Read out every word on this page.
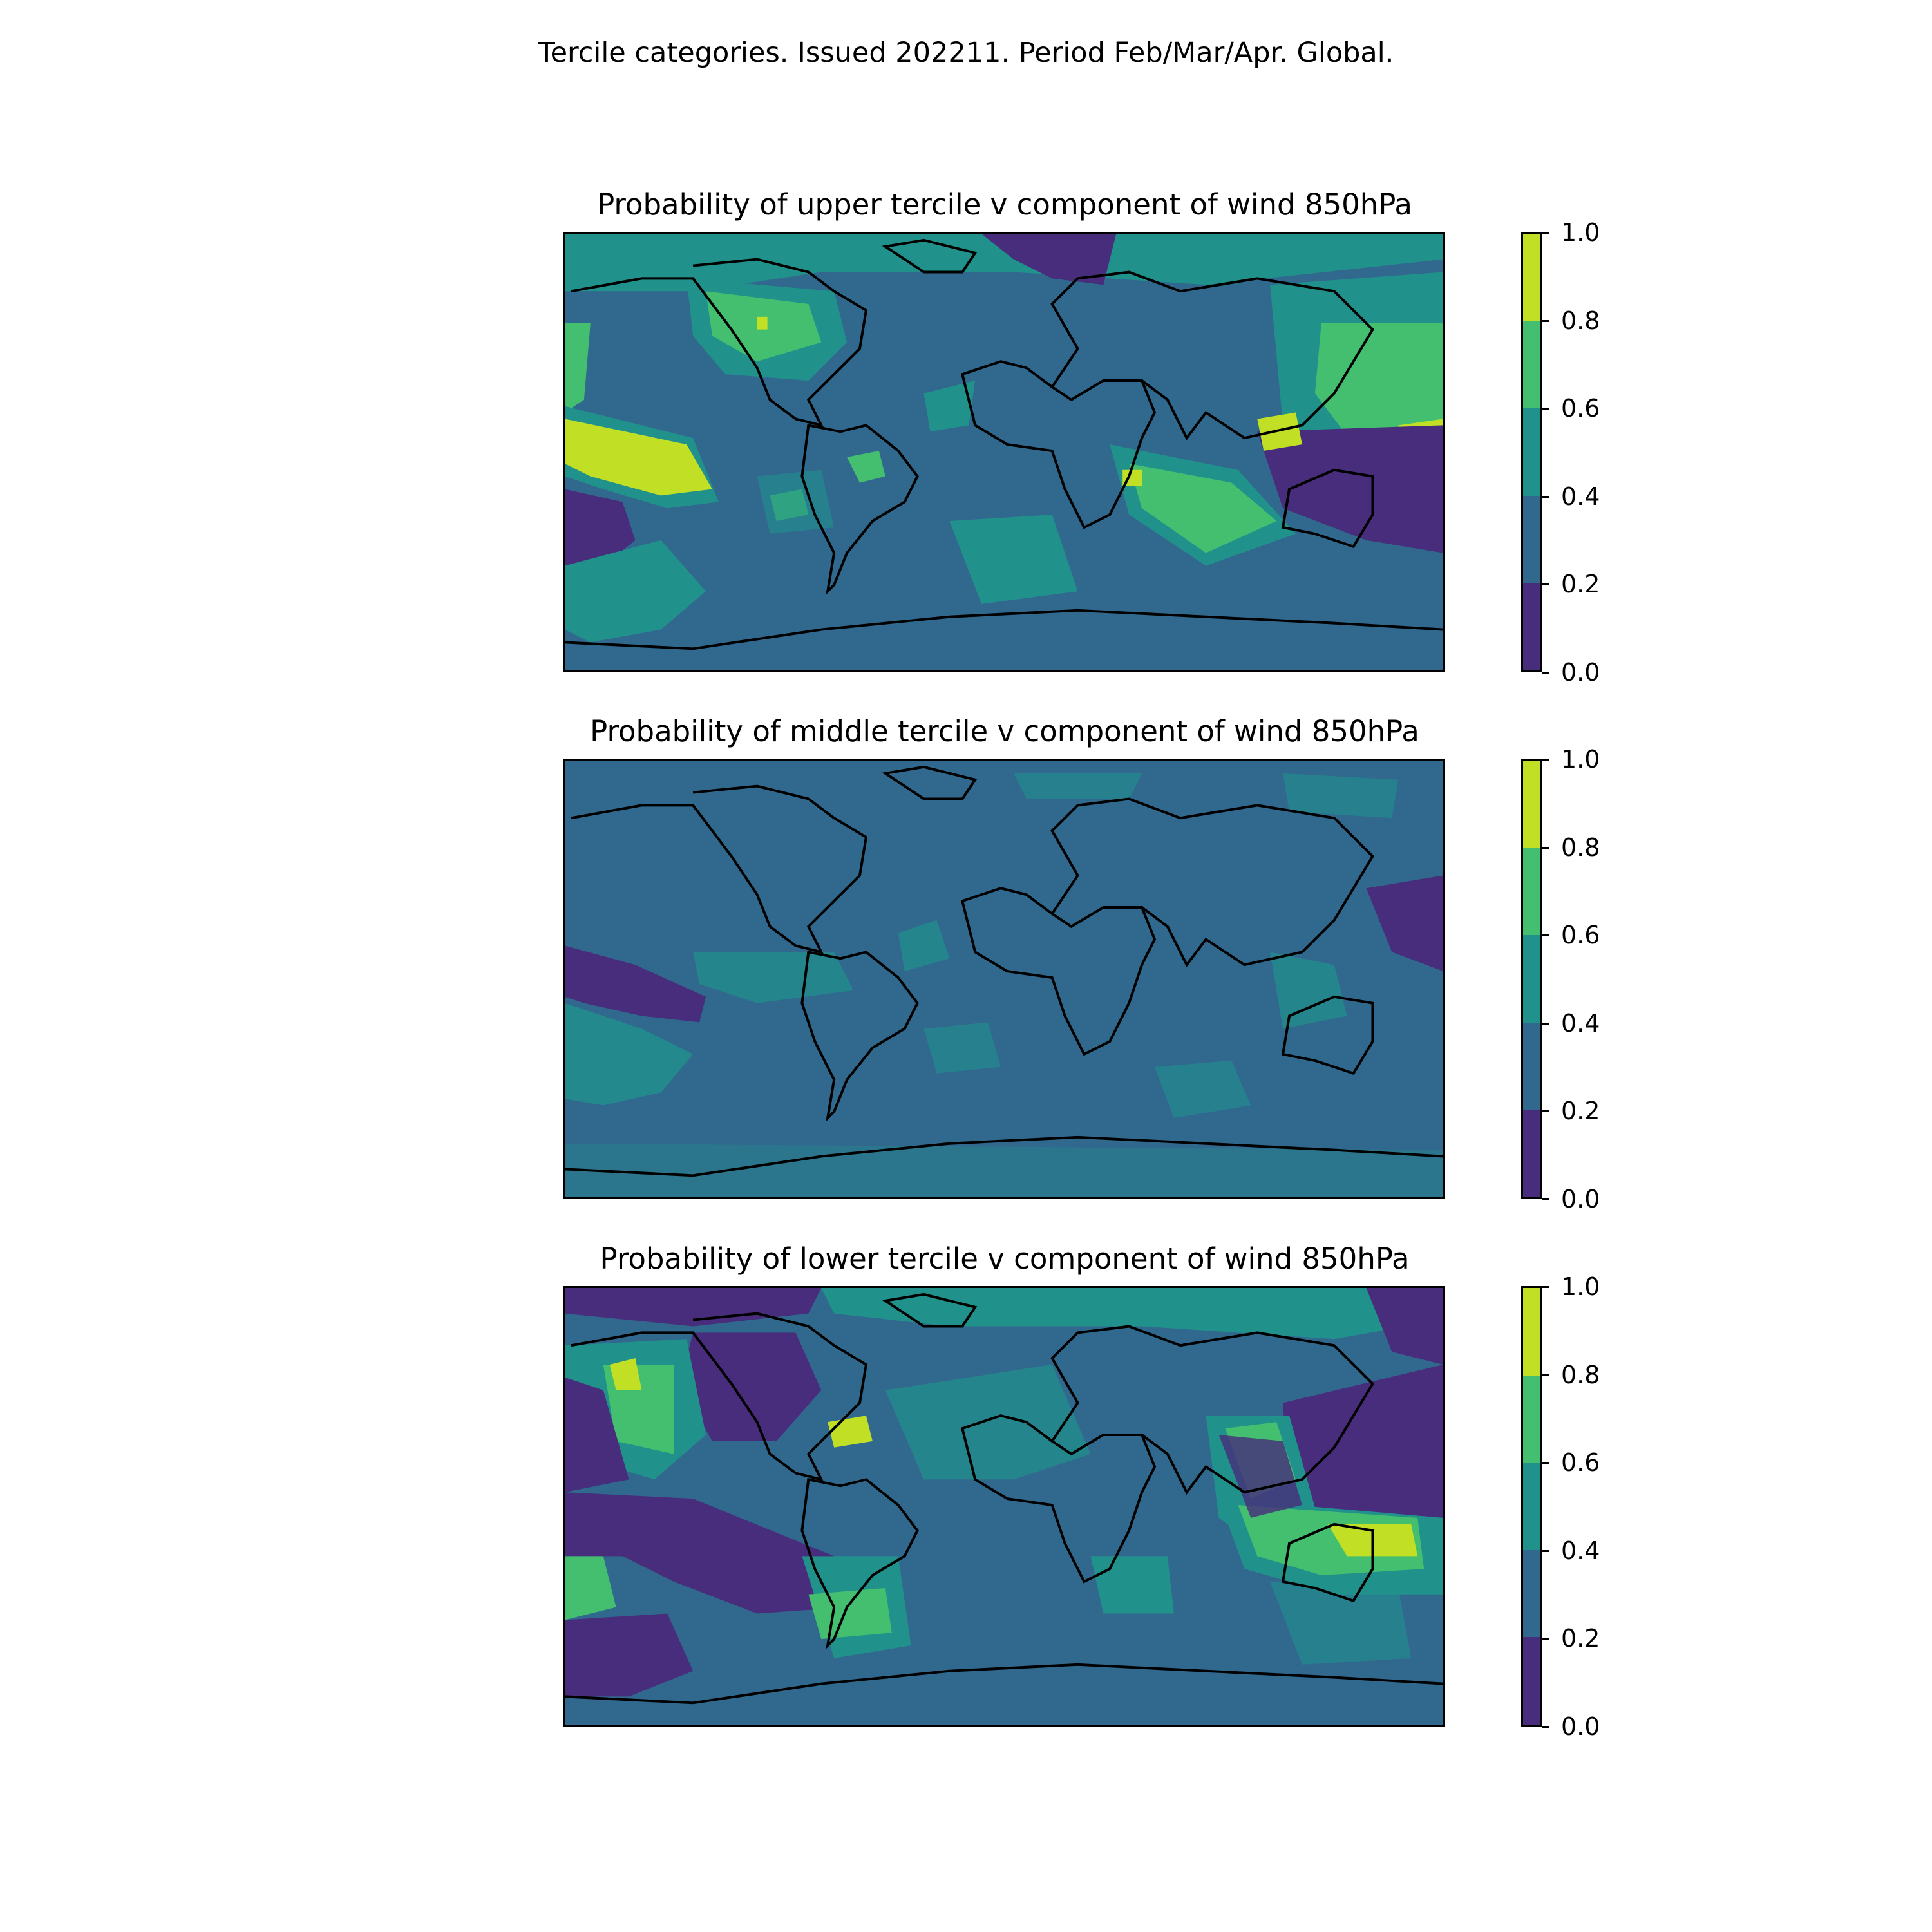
Tercile categories. Issued 202211. Period Feb/Mar/Apr. Global.
Probability of upper tercile v component of wind 850hPa
0.0
0.2
0.4
0.6
0.8
1.0
Probability of middle tercile v component of wind 850hPa
0.0
0.2
0.4
0.6
0.8
1.0
Probability of lower tercile v component of wind 850hPa
0.0
0.2
0.4
0.6
0.8
1.0
